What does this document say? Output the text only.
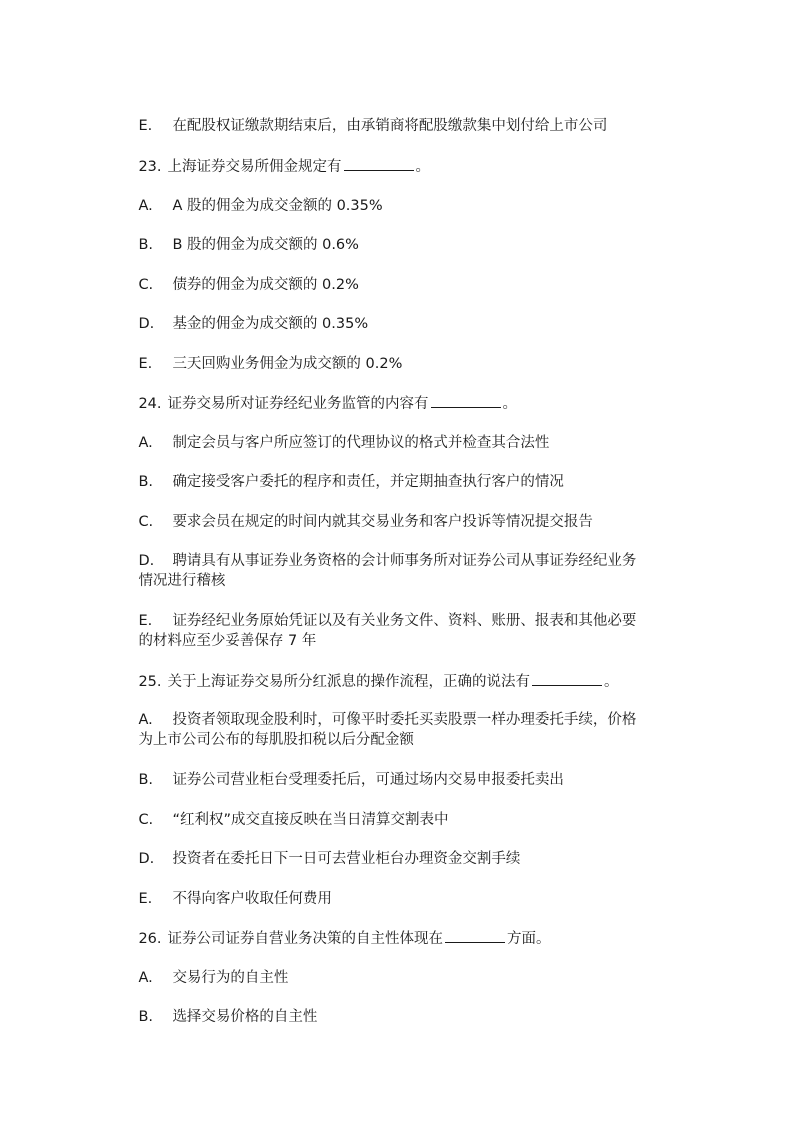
E. 在配股权证缴款期结束后，由承销商将配股缴款集中划付给上市公司

23. 上海证券交易所佣金规定有	。

A. A 股的佣金为成交金额的 0.35%

B. B 股的佣金为成交额的 0.6%

C. 债券的佣金为成交额的 0.2%

D. 基金的佣金为成交额的 0.35%

E. 三天回购业务佣金为成交额的 0.2%

24. 证券交易所对证券经纪业务监管的内容有	。

A. 制定会员与客户所应签订的代理协议的格式并检查其合法性

B. 确定接受客户委托的程序和责任，并定期抽查执行客户的情况

C. 要求会员在规定的时间内就其交易业务和客户投诉等情况提交报告

D. 聘请具有从事证券业务资格的会计师事务所对证券公司从事证券经纪业务

情况进行稽核

E. 证券经纪业务原始凭证以及有关业务文件、资料、账册、报表和其他必要

的材料应至少妥善保存 7 年

25. 关于上海证券交易所分红派息的操作流程，正确的说法有	。

A. 投资者领取现金股利时，可像平时委托买卖股票一样办理委托手续，价格

为上市公司公布的每肌股扣税以后分配金额

B. 证券公司营业柜台受理委托后，可通过场内交易申报委托卖出

C. “红利权”成交直接反映在当日清算交割表中

D. 投资者在委托日下一日可去营业柜台办理资金交割手续

E. 不得向客户收取任何费用

26. 证券公司证券自营业务决策的自主性体现在	方面。

A. 交易行为的自主性

B. 选择交易价格的自主性
